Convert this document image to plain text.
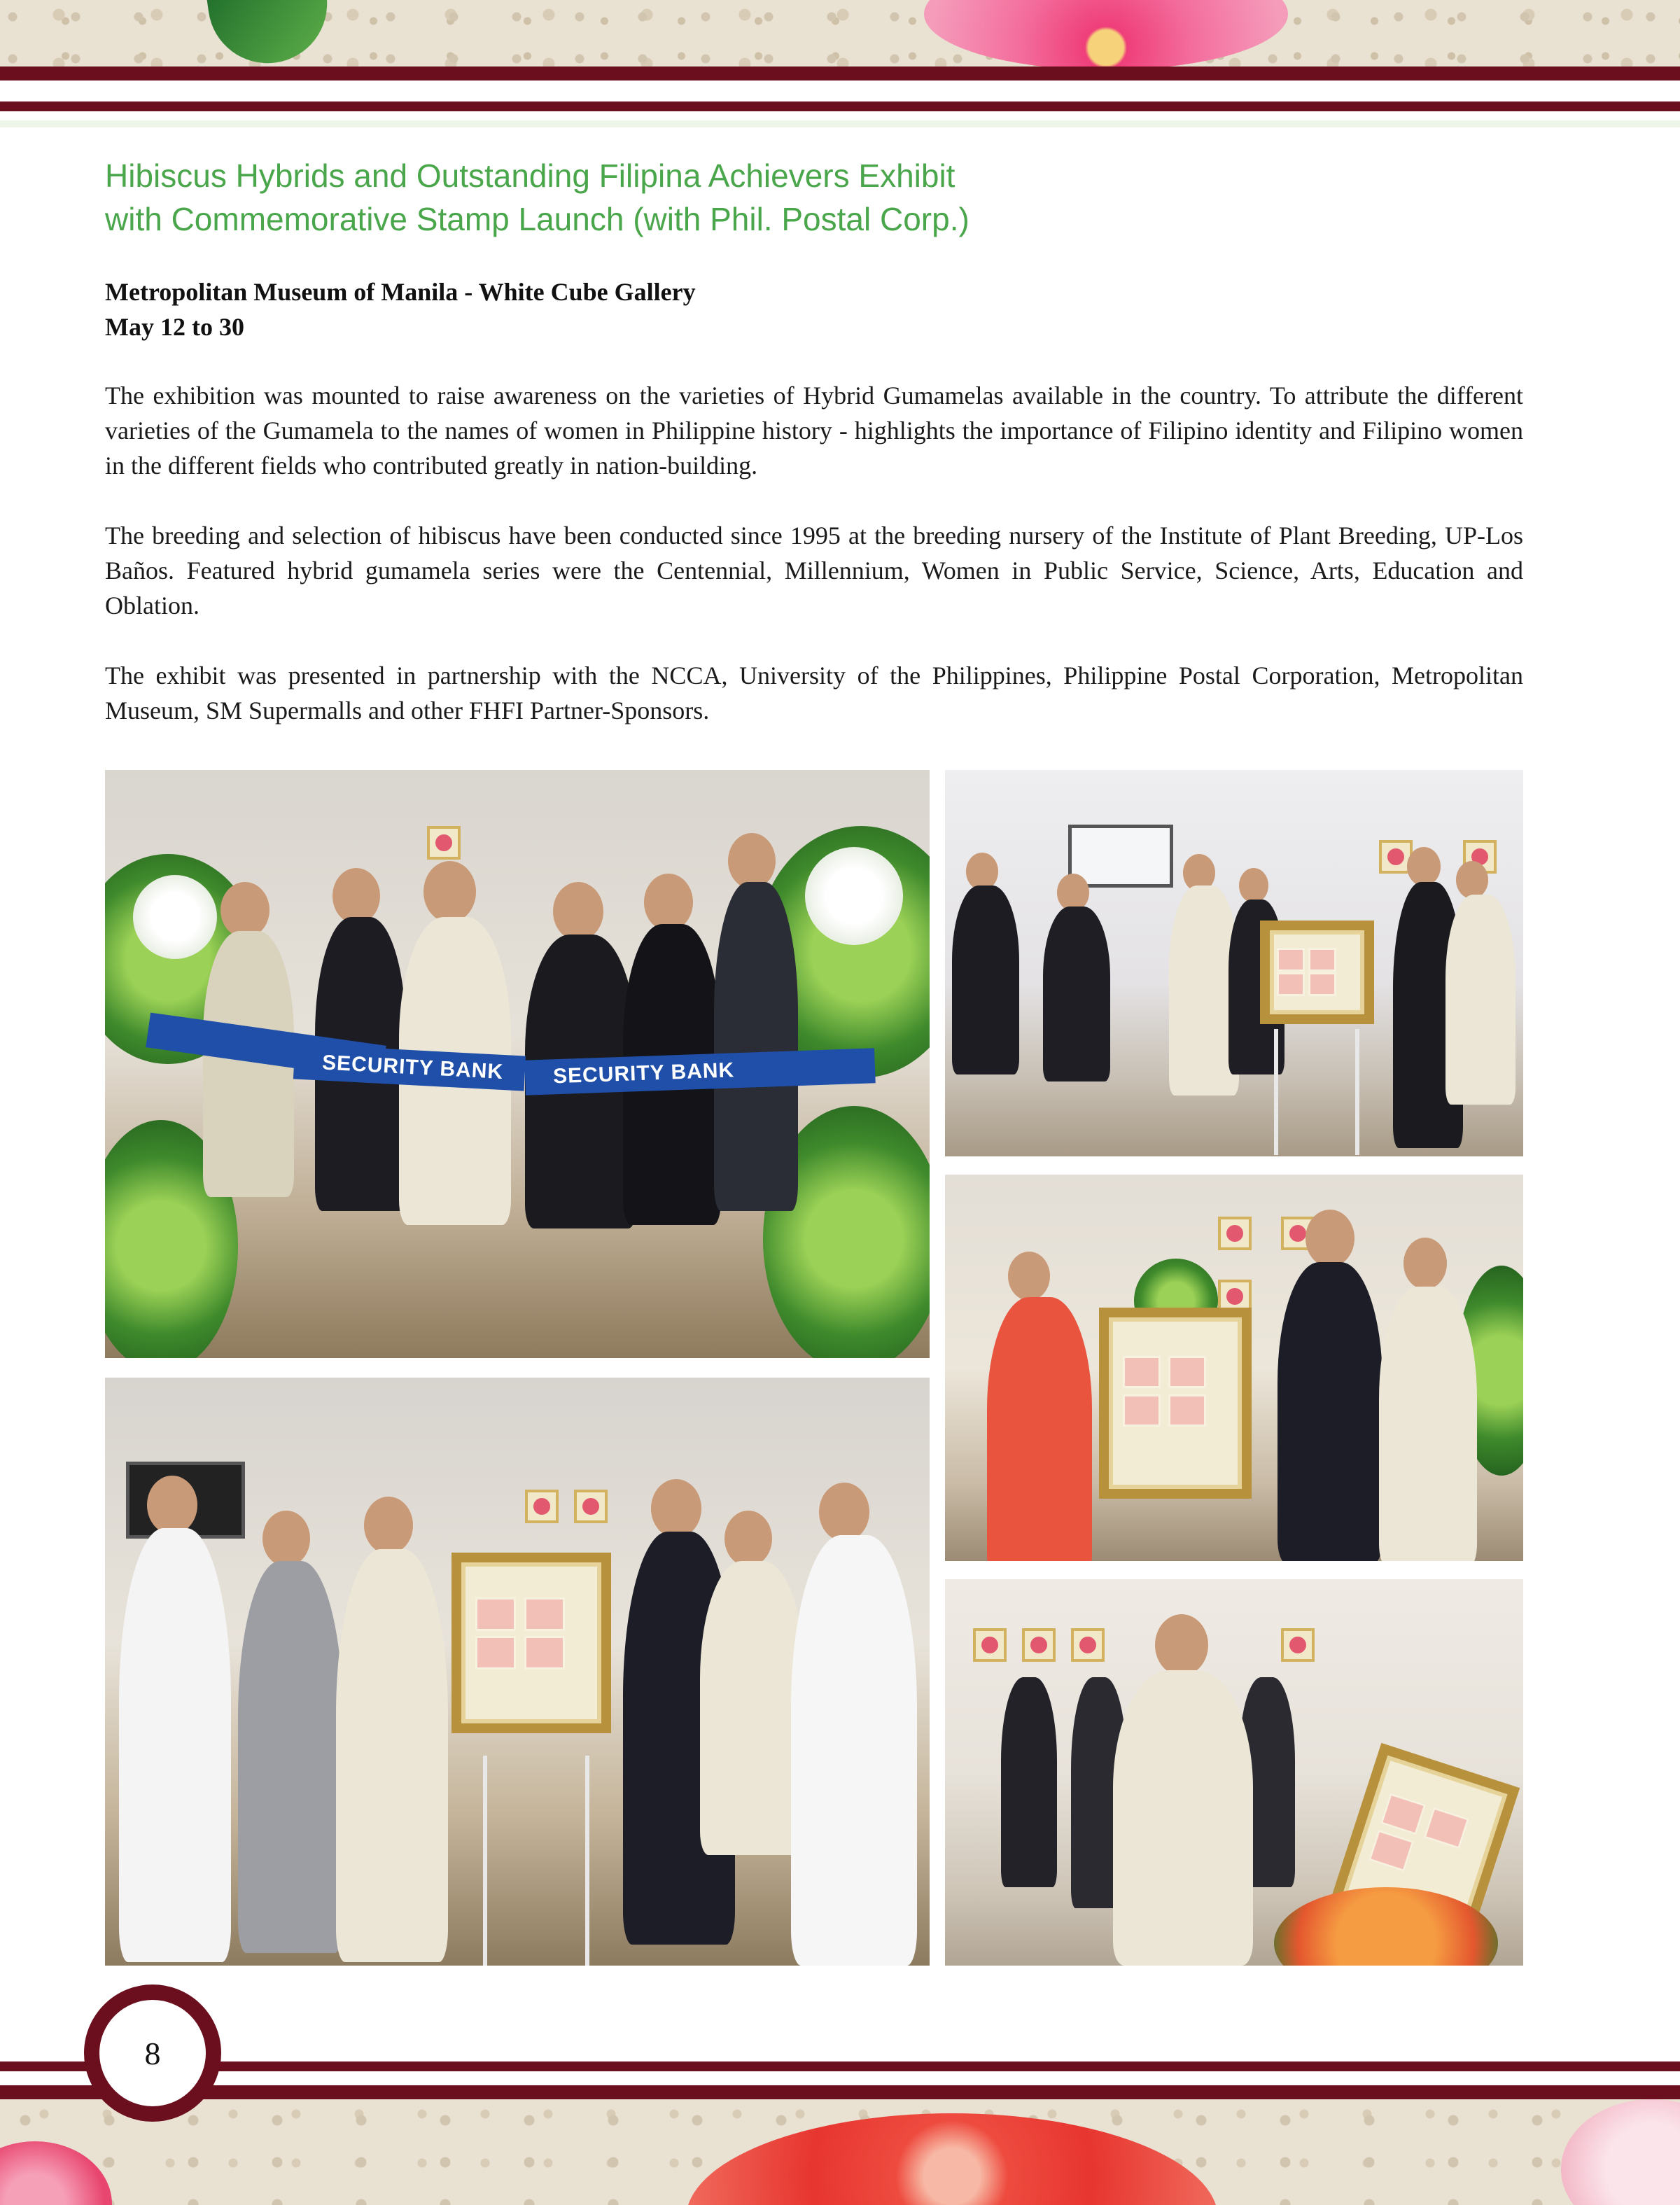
Hibiscus Hybrids and Outstanding Filipina Achievers Exhibit
with Commemorative Stamp Launch (with Phil. Postal Corp.)
Metropolitan Museum of Manila - White Cube Gallery
May 12 to 30

The exhibition was mounted to raise awareness on the varieties of Hybrid Gumamelas available in the country. To attribute the different varieties of the Gumamela to the names of women in Philippine history - highlights the importance of Filipino identity and Filipino women in the different fields who contributed greatly in nation-building.

The breeding and selection of hibiscus have been conducted since 1995 at the breeding nursery of the Institute of Plant Breeding, UP-Los Baños. Featured hybrid gumamela series were the Centennial, Millennium, Women in Public Service, Science, Arts, Education and Oblation.

The exhibit was presented in partnership with the NCCA, University of the Philippines, Philippine Postal Corporation, Metropolitan Museum, SM Supermalls and other FHFI Partner-Sponsors.

SECURITY BANK	SECURITY BANK
8
